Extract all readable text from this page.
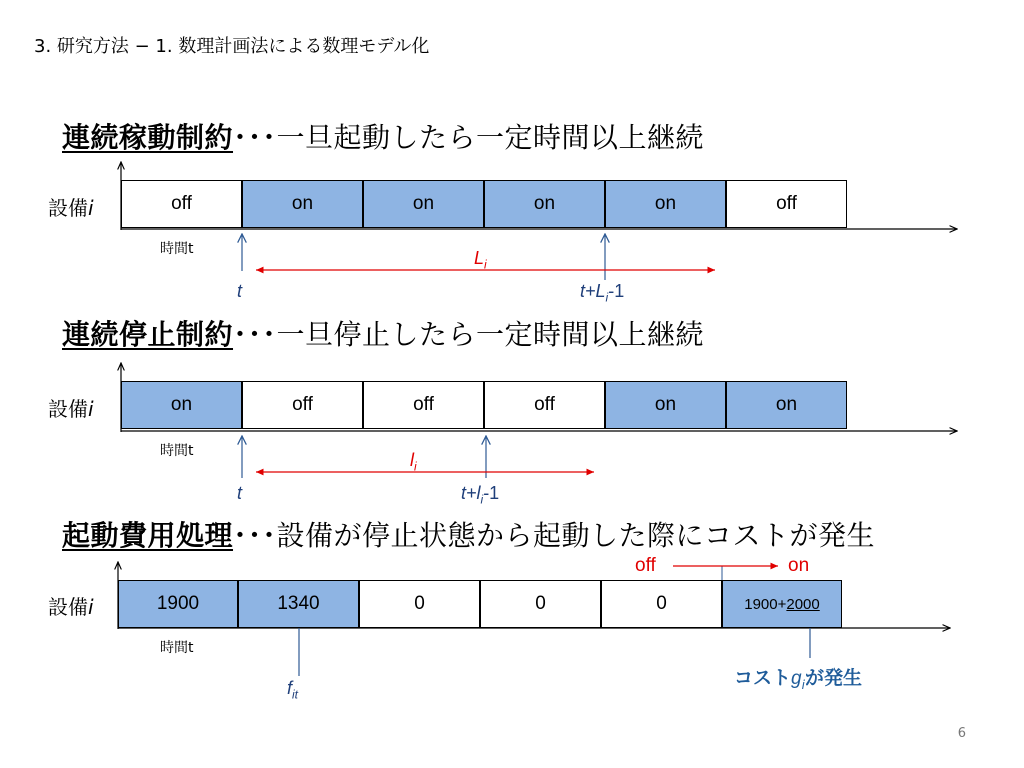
3. 研究方法 − 1. 数理計画法による数理モデル化
連続稼動制約･･･一旦起動したら一定時間以上継続
連続停止制約･･･一旦停止したら一定時間以上継続
起動費用処理･･･設備が停止状態から起動した際にコストが発生
設備i
設備i
設備i
off	on	on	on	on	off
時間t	$L_i$
t	$t+L_i-1$
on	off	off	off	on	on
時間t	$l_i$
t	$t+l_i-1$
1900	1340	0	0	0	1900+ 2000
時間t
off	on
$f_{it}$
コスト$g_i$が発生
6
